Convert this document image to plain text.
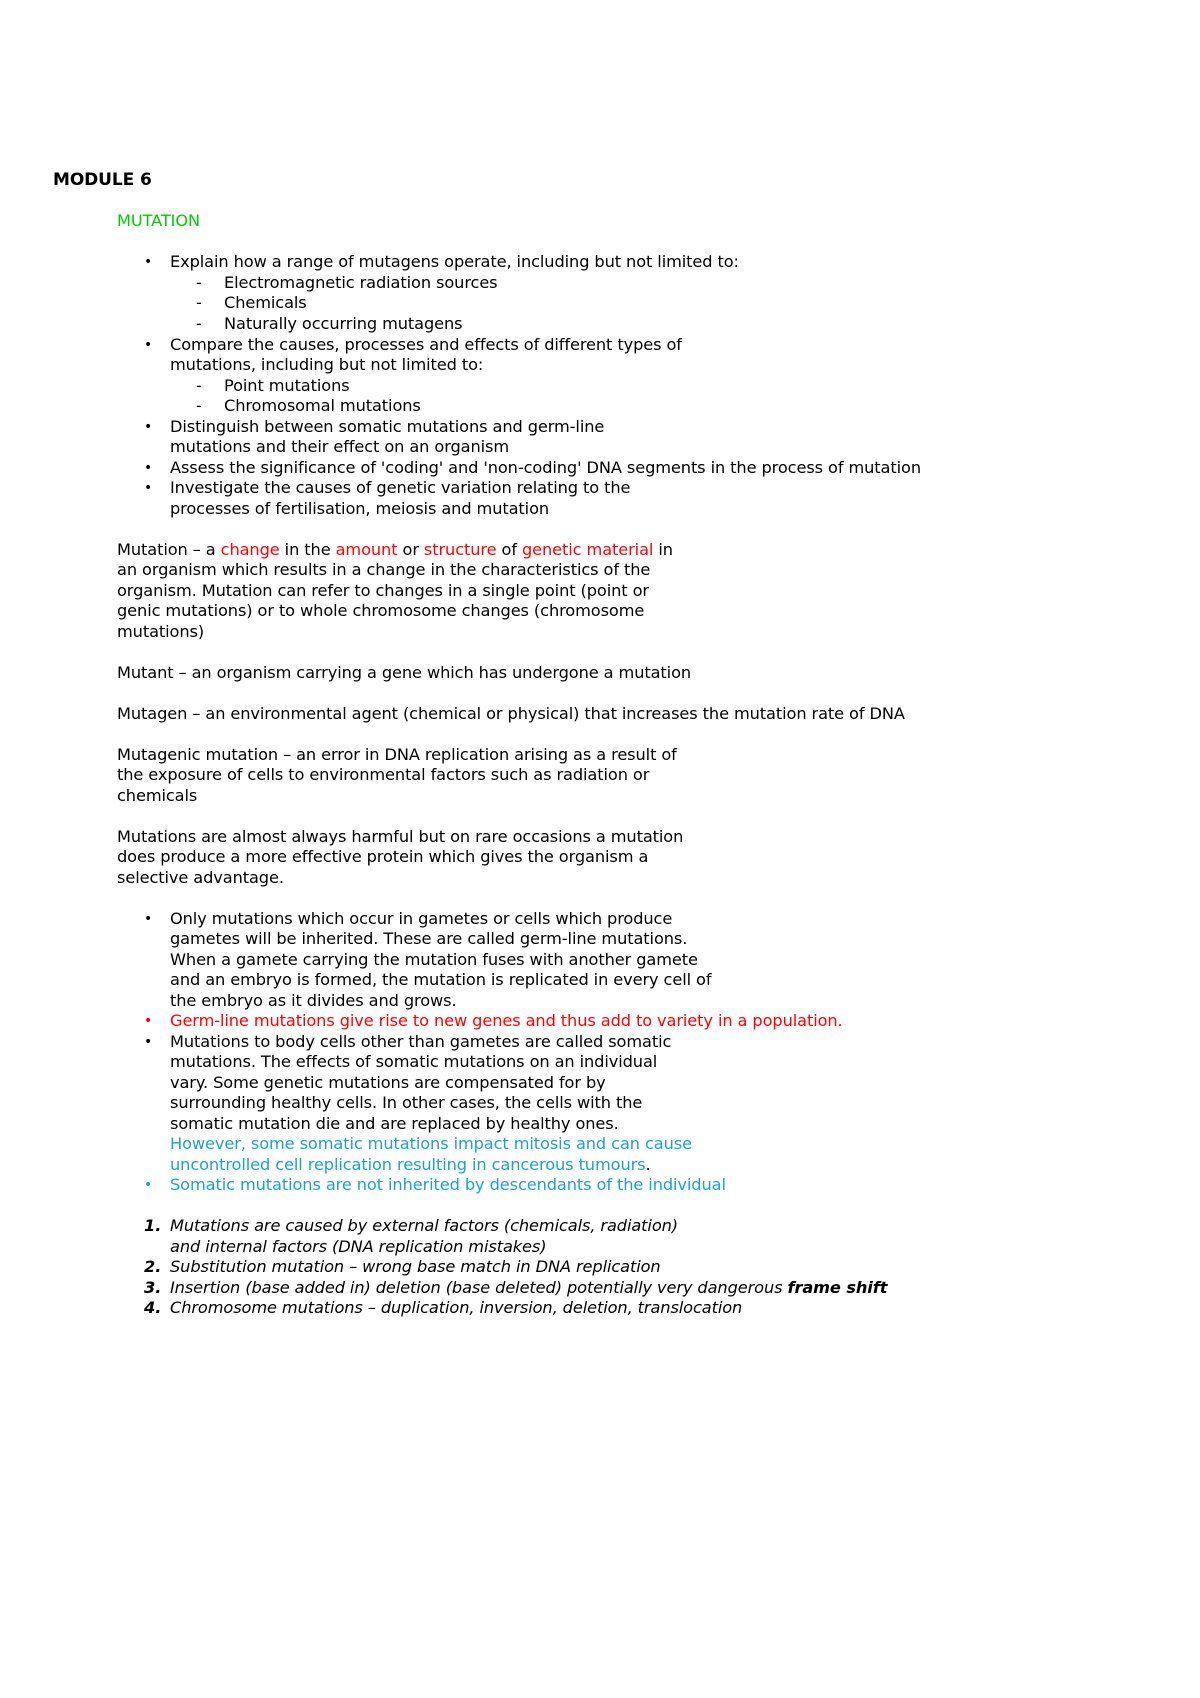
MODULE 6
MUTATION
• Explain how a range of mutagens operate, including but not limited to:
- Electromagnetic radiation sources
- Chemicals
- Naturally occurring mutagens
• Compare the causes, processes and effects of different types of
mutations, including but not limited to:
- Point mutations
- Chromosomal mutations
• Distinguish between somatic mutations and germ-line
mutations and their effect on an organism
• Assess the significance of 'coding' and 'non-coding' DNA segments in the process of mutation
• Investigate the causes of genetic variation relating to the
processes of fertilisation, meiosis and mutation
Mutation – a change in the amount or structure of genetic material in
an organism which results in a change in the characteristics of the
organism. Mutation can refer to changes in a single point (point or
genic mutations) or to whole chromosome changes (chromosome
mutations)
Mutant – an organism carrying a gene which has undergone a mutation
Mutagen – an environmental agent (chemical or physical) that increases the mutation rate of DNA
Mutagenic mutation – an error in DNA replication arising as a result of
the exposure of cells to environmental factors such as radiation or
chemicals
Mutations are almost always harmful but on rare occasions a mutation
does produce a more effective protein which gives the organism a
selective advantage.
• Only mutations which occur in gametes or cells which produce
gametes will be inherited. These are called germ-line mutations.
When a gamete carrying the mutation fuses with another gamete
and an embryo is formed, the mutation is replicated in every cell of
the embryo as it divides and grows.
• Germ-line mutations give rise to new genes and thus add to variety in a population.
• Mutations to body cells other than gametes are called somatic
mutations. The effects of somatic mutations on an individual
vary. Some genetic mutations are compensated for by
surrounding healthy cells. In other cases, the cells with the
somatic mutation die and are replaced by healthy ones.
However, some somatic mutations impact mitosis and can cause
uncontrolled cell replication resulting in cancerous tumours.
• Somatic mutations are not inherited by descendants of the individual
1. Mutations are caused by external factors (chemicals, radiation)
and internal factors (DNA replication mistakes)
2. Substitution mutation – wrong base match in DNA replication
3. Insertion (base added in) deletion (base deleted) potentially very dangerous frame shift
4. Chromosome mutations – duplication, inversion, deletion, translocation
